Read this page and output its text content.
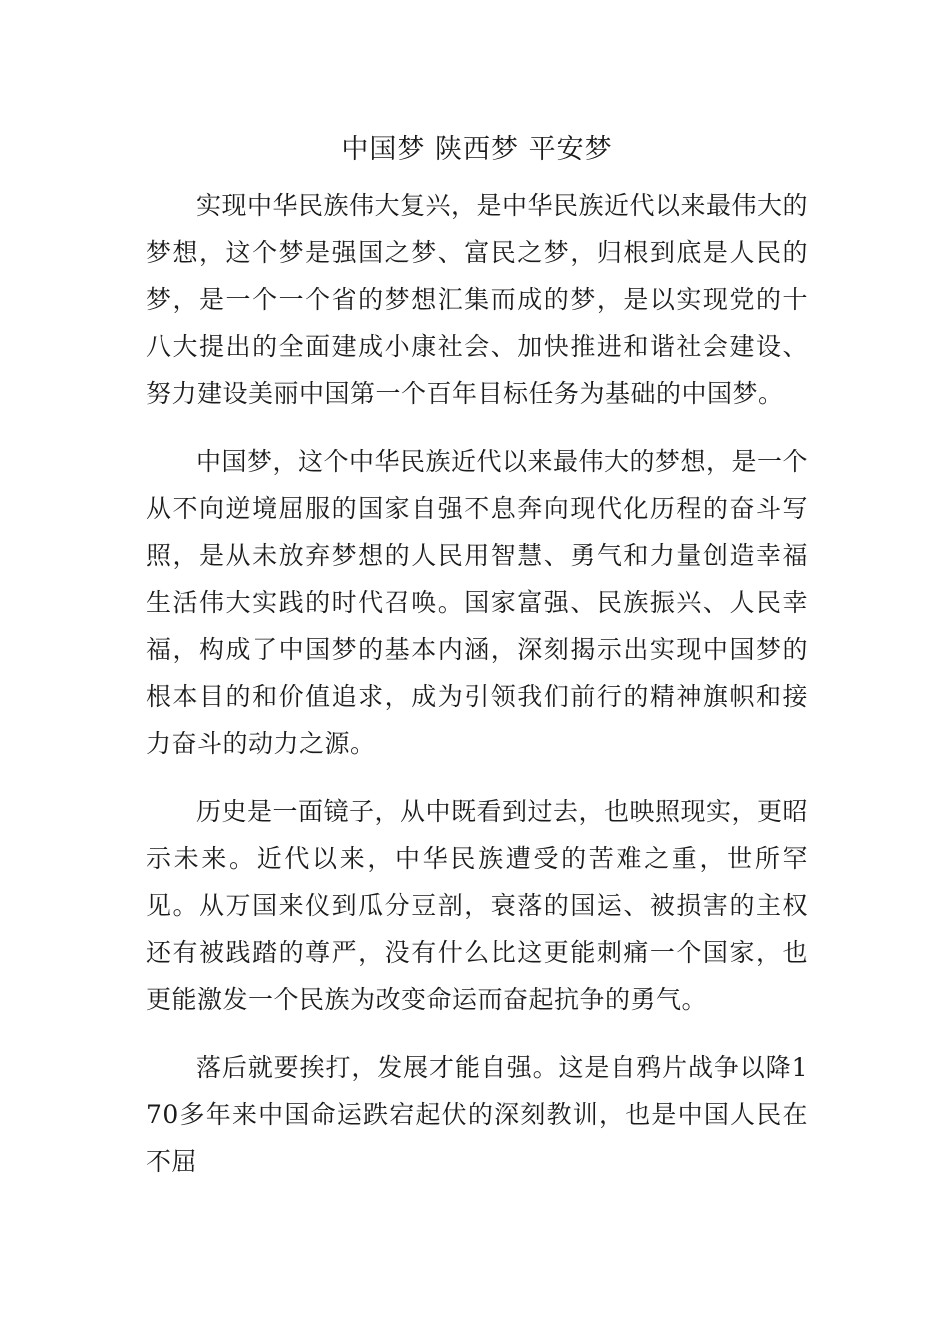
中国梦 陕西梦 平安梦

实现中华民族伟大复兴，是中华民族近代以来最伟大的梦想，这个梦是强国之梦、富民之梦，归根到底是人民的梦，是一个一个省的梦想汇集而成的梦，是以实现党的十八大提出的全面建成小康社会、加快推进和谐社会建设、努力建设美丽中国第一个百年目标任务为基础的中国梦。

中国梦，这个中华民族近代以来最伟大的梦想，是一个从不向逆境屈服的国家自强不息奔向现代化历程的奋斗写照，是从未放弃梦想的人民用智慧、勇气和力量创造幸福生活伟大实践的时代召唤。国家富强、民族振兴、人民幸福，构成了中国梦的基本内涵，深刻揭示出实现中国梦的根本目的和价值追求，成为引领我们前行的精神旗帜和接力奋斗的动力之源。

历史是一面镜子，从中既看到过去，也映照现实，更昭示未来。近代以来，中华民族遭受的苦难之重，世所罕见。从万国来仪到瓜分豆剖，衰落的国运、被损害的主权还有被践踏的尊严，没有什么比这更能刺痛一个国家，也更能激发一个民族为改变命运而奋起抗争的勇气。

落后就要挨打，发展才能自强。这是自鸦片战争以降170多年来中国命运跌宕起伏的深刻教训，也是中国人民在不屈
